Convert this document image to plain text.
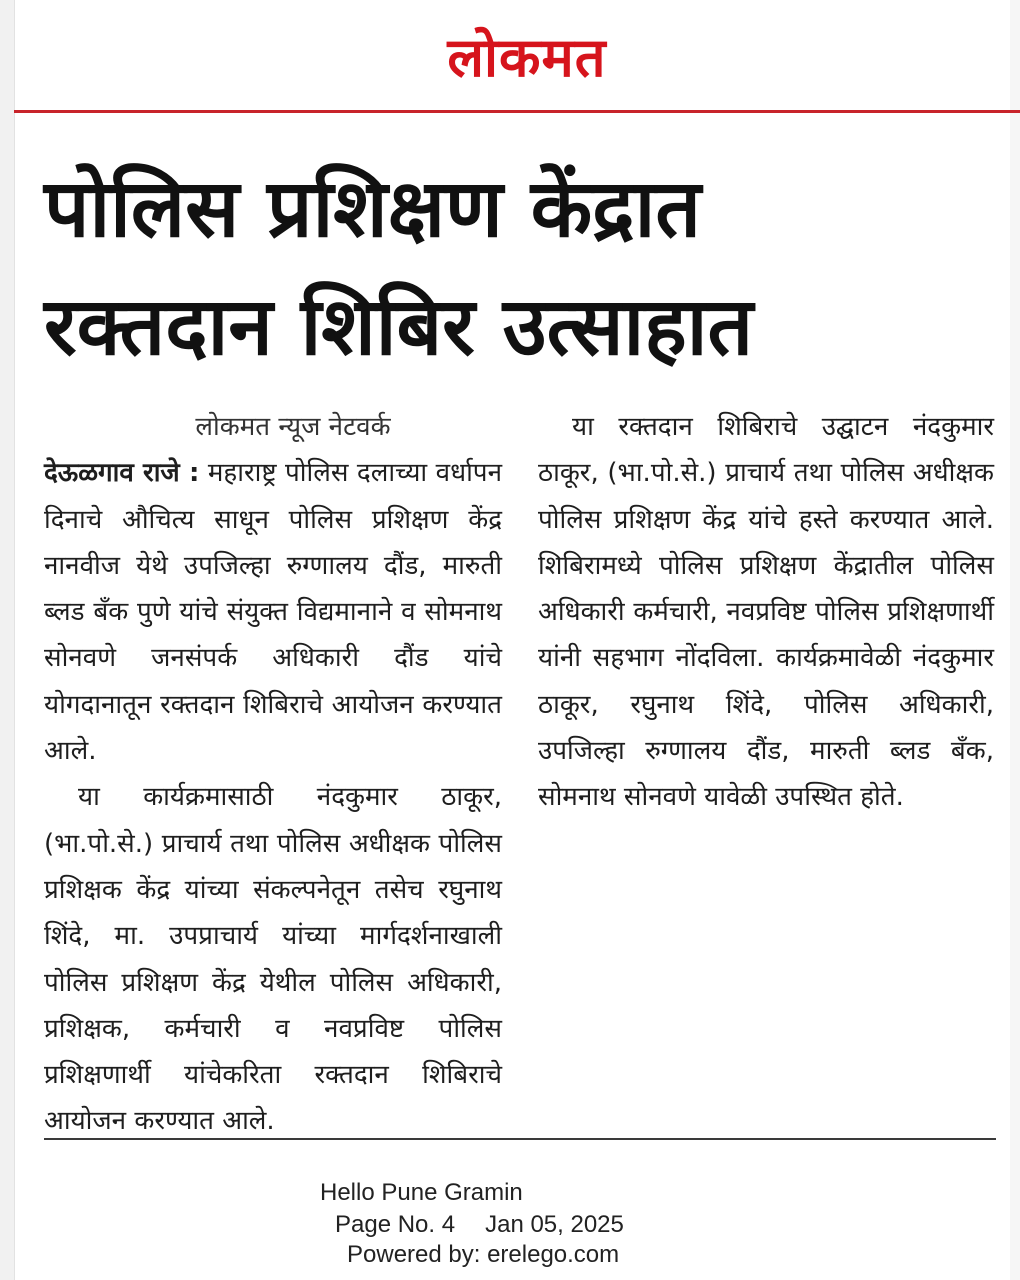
लोकमत
पोलिस प्रशिक्षण केंद्रात
रक्तदान शिबिर उत्साहात
लोकमत न्यूज नेटवर्क

देऊळगाव राजे : महाराष्ट्र पोलिस दलाच्या वर्धापन दिनाचे औचित्य साधून पोलिस प्रशिक्षण केंद्र नानवीज येथे उपजिल्हा रुग्णालय दौंड, मारुती ब्लड बँक पुणे यांचे संयुक्त विद्यमानाने व सोमनाथ सोनवणे जनसंपर्क अधिकारी दौंड यांचे योगदानातून रक्तदान शिबिराचे आयोजन करण्यात आले.

या कार्यक्रमासाठी नंदकुमार ठाकूर, (भा.पो.से.) प्राचार्य तथा पोलिस अधीक्षक पोलिस प्रशिक्षक केंद्र यांच्या संकल्पनेतून तसेच रघुनाथ शिंदे, मा. उपप्राचार्य यांच्या मार्गदर्शनाखाली पोलिस प्रशिक्षण केंद्र येथील पोलिस अधिकारी, प्रशिक्षक, कर्मचारी व नवप्रविष्ट पोलिस प्रशिक्षणार्थी यांचेकरिता रक्तदान शिबिराचे आयोजन करण्यात आले.

या रक्तदान शिबिराचे उद्घाटन नंदकुमार ठाकूर, (भा.पो.से.) प्राचार्य तथा पोलिस अधीक्षक पोलिस प्रशिक्षण केंद्र यांचे हस्ते करण्यात आले. शिबिरामध्ये पोलिस प्रशिक्षण केंद्रातील पोलिस अधिकारी कर्मचारी, नवप्रविष्ट पोलिस प्रशिक्षणार्थी यांनी सहभाग नोंदविला. कार्यक्रमावेळी नंदकुमार ठाकूर, रघुनाथ शिंदे, पोलिस अधिकारी, उपजिल्हा रुग्णालय दौंड, मारुती ब्लड बँक, सोमनाथ सोनवणे यावेळी उपस्थित होते.

Hello Pune Gramin
Page No. 4 Jan 05, 2025
Powered by: erelego.com
